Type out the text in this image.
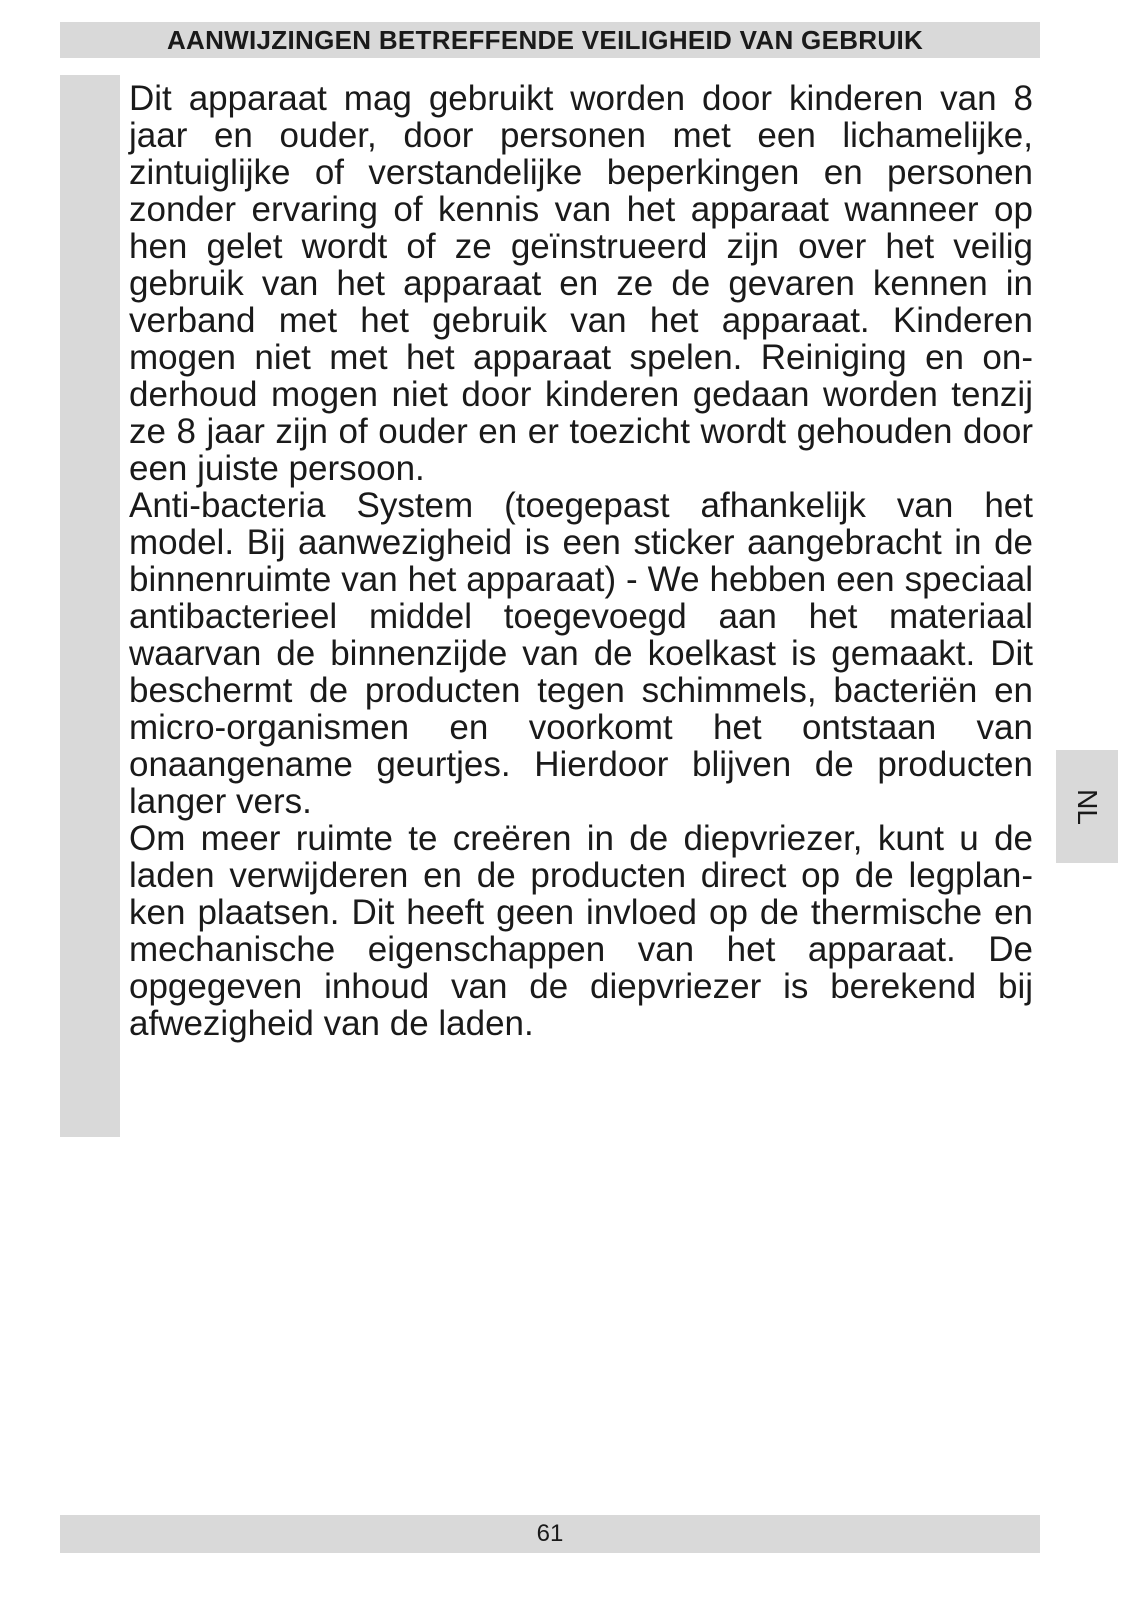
AANWIJZINGEN BETREFFENDE VEILIGHEID VAN GEBRUIK

Dit apparaat mag gebruikt worden door kinderen van 8 jaar en ouder, door personen met een lichamelijke, zintuiglijke of verstandelijke beperkingen en personen zonder ervaring of kennis van het apparaat wanneer op hen gelet wordt of ze geïnstrueerd zijn over het veilig gebruik van het apparaat en ze de gevaren kennen in verband met het gebruik van het apparaat. Kinderen mogen niet met het apparaat spelen. Reiniging en onderhoud mogen niet door kinderen gedaan worden tenzij ze 8 jaar zijn of ouder en er toezicht wordt gehouden door een juiste persoon.

Anti-bacteria System (toegepast afhankelijk van het model. Bij aanwezigheid is een sticker aangebracht in de binnenruimte van het apparaat) - We hebben een speciaal antibacterieel middel toegevoegd aan het materiaal waarvan de binnenzijde van de koelkast is gemaakt. Dit beschermt de producten tegen schimmels, bacteriën en micro-organismen en voorkomt het ontstaan van onaangename geurtjes. Hierdoor blijven de producten langer vers.

Om meer ruimte te creëren in de diepvriezer, kunt u de laden verwijderen en de producten direct op de legplanken plaatsen. Dit heeft geen invloed op de thermische en mechanische eigenschappen van het apparaat. De opgegeven inhoud van de diepvriezer is berekend bij afwezigheid van de laden.

NL
61
